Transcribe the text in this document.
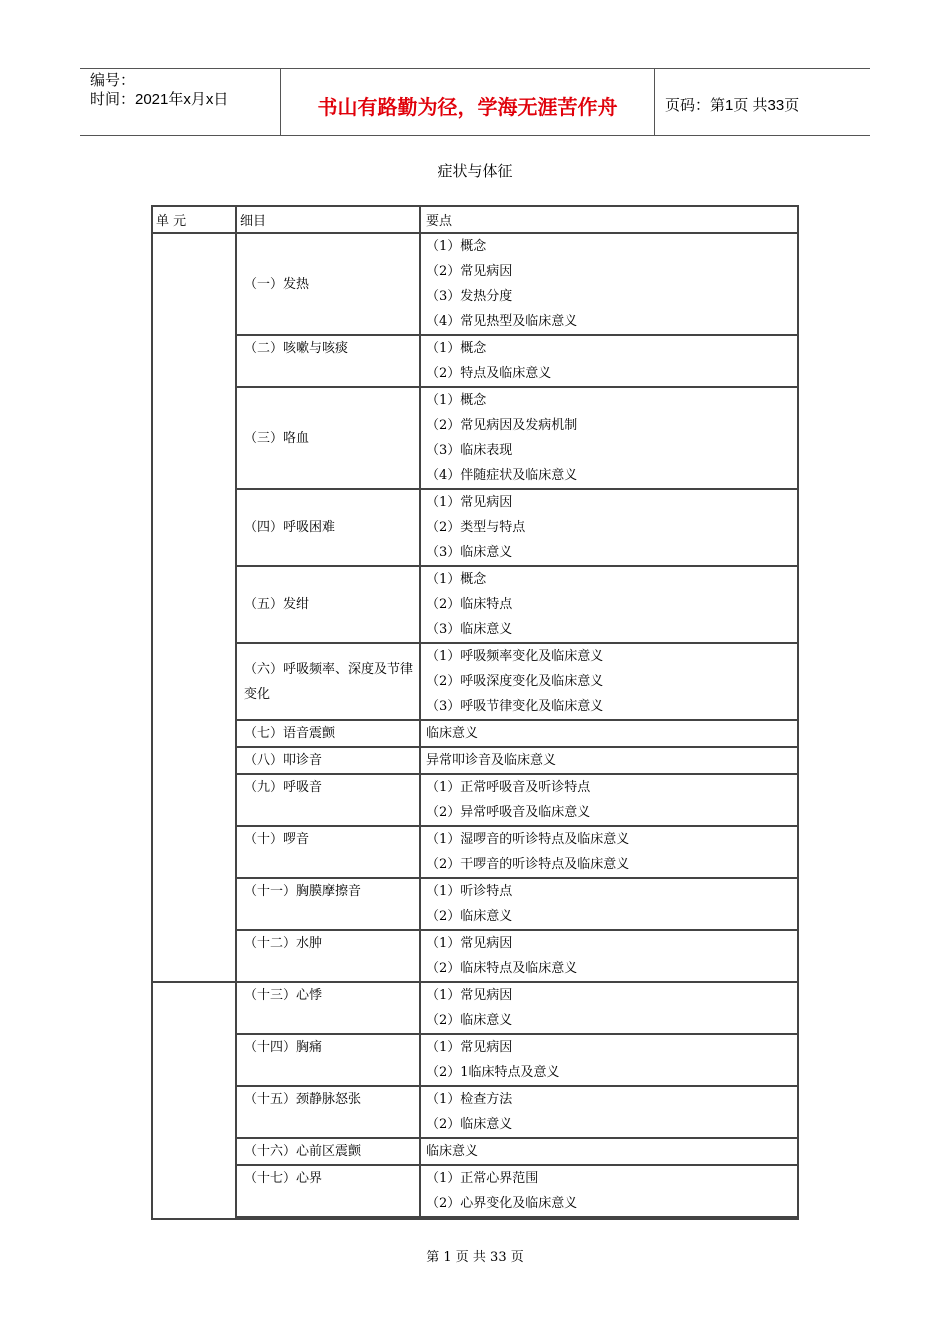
编号：
时间：2021年x月x日	书山有路勤为径，学海无涯苦作舟	页码：第1页 共33页
症状与体征
单 元	细目	要点

	（一）发热	（1）概念
（2）常见病因
（3）发热分度
（4）常见热型及临床意义

	（二）咳嗽与咳痰	（1）概念
（2）特点及临床意义

	（三）咯血	（1）概念
（2）常见病因及发病机制
（3）临床表现
（4）伴随症状及临床意义

	（四）呼吸困难	（1）常见病因
（2）类型与特点
（3）临床意义

	（五）发绀	（1）概念
（2）临床特点
（3）临床意义

	（六）呼吸频率、深度及节律变化	（1）呼吸频率变化及临床意义
（2）呼吸深度变化及临床意义
（3）呼吸节律变化及临床意义

	（七）语音震颤	临床意义

	（八）叩诊音	异常叩诊音及临床意义

	（九）呼吸音	（1）正常呼吸音及听诊特点
（2）异常呼吸音及临床意义

	（十）啰音	（1）湿啰音的听诊特点及临床意义
（2）干啰音的听诊特点及临床意义

	（十一）胸膜摩擦音	（1）听诊特点
（2）临床意义

	（十二）水肿	（1）常见病因
（2）临床特点及临床意义

	（十三）心悸	（1）常见病因
（2）临床意义

	（十四）胸痛	（1）常见病因
（2）1临床特点及意义

	（十五）颈静脉怒张	（1）检查方法
（2）临床意义

	（十六）心前区震颤	临床意义

	（十七）心界	（1）正常心界范围
（2）心界变化及临床意义
第 1 页 共 33 页
